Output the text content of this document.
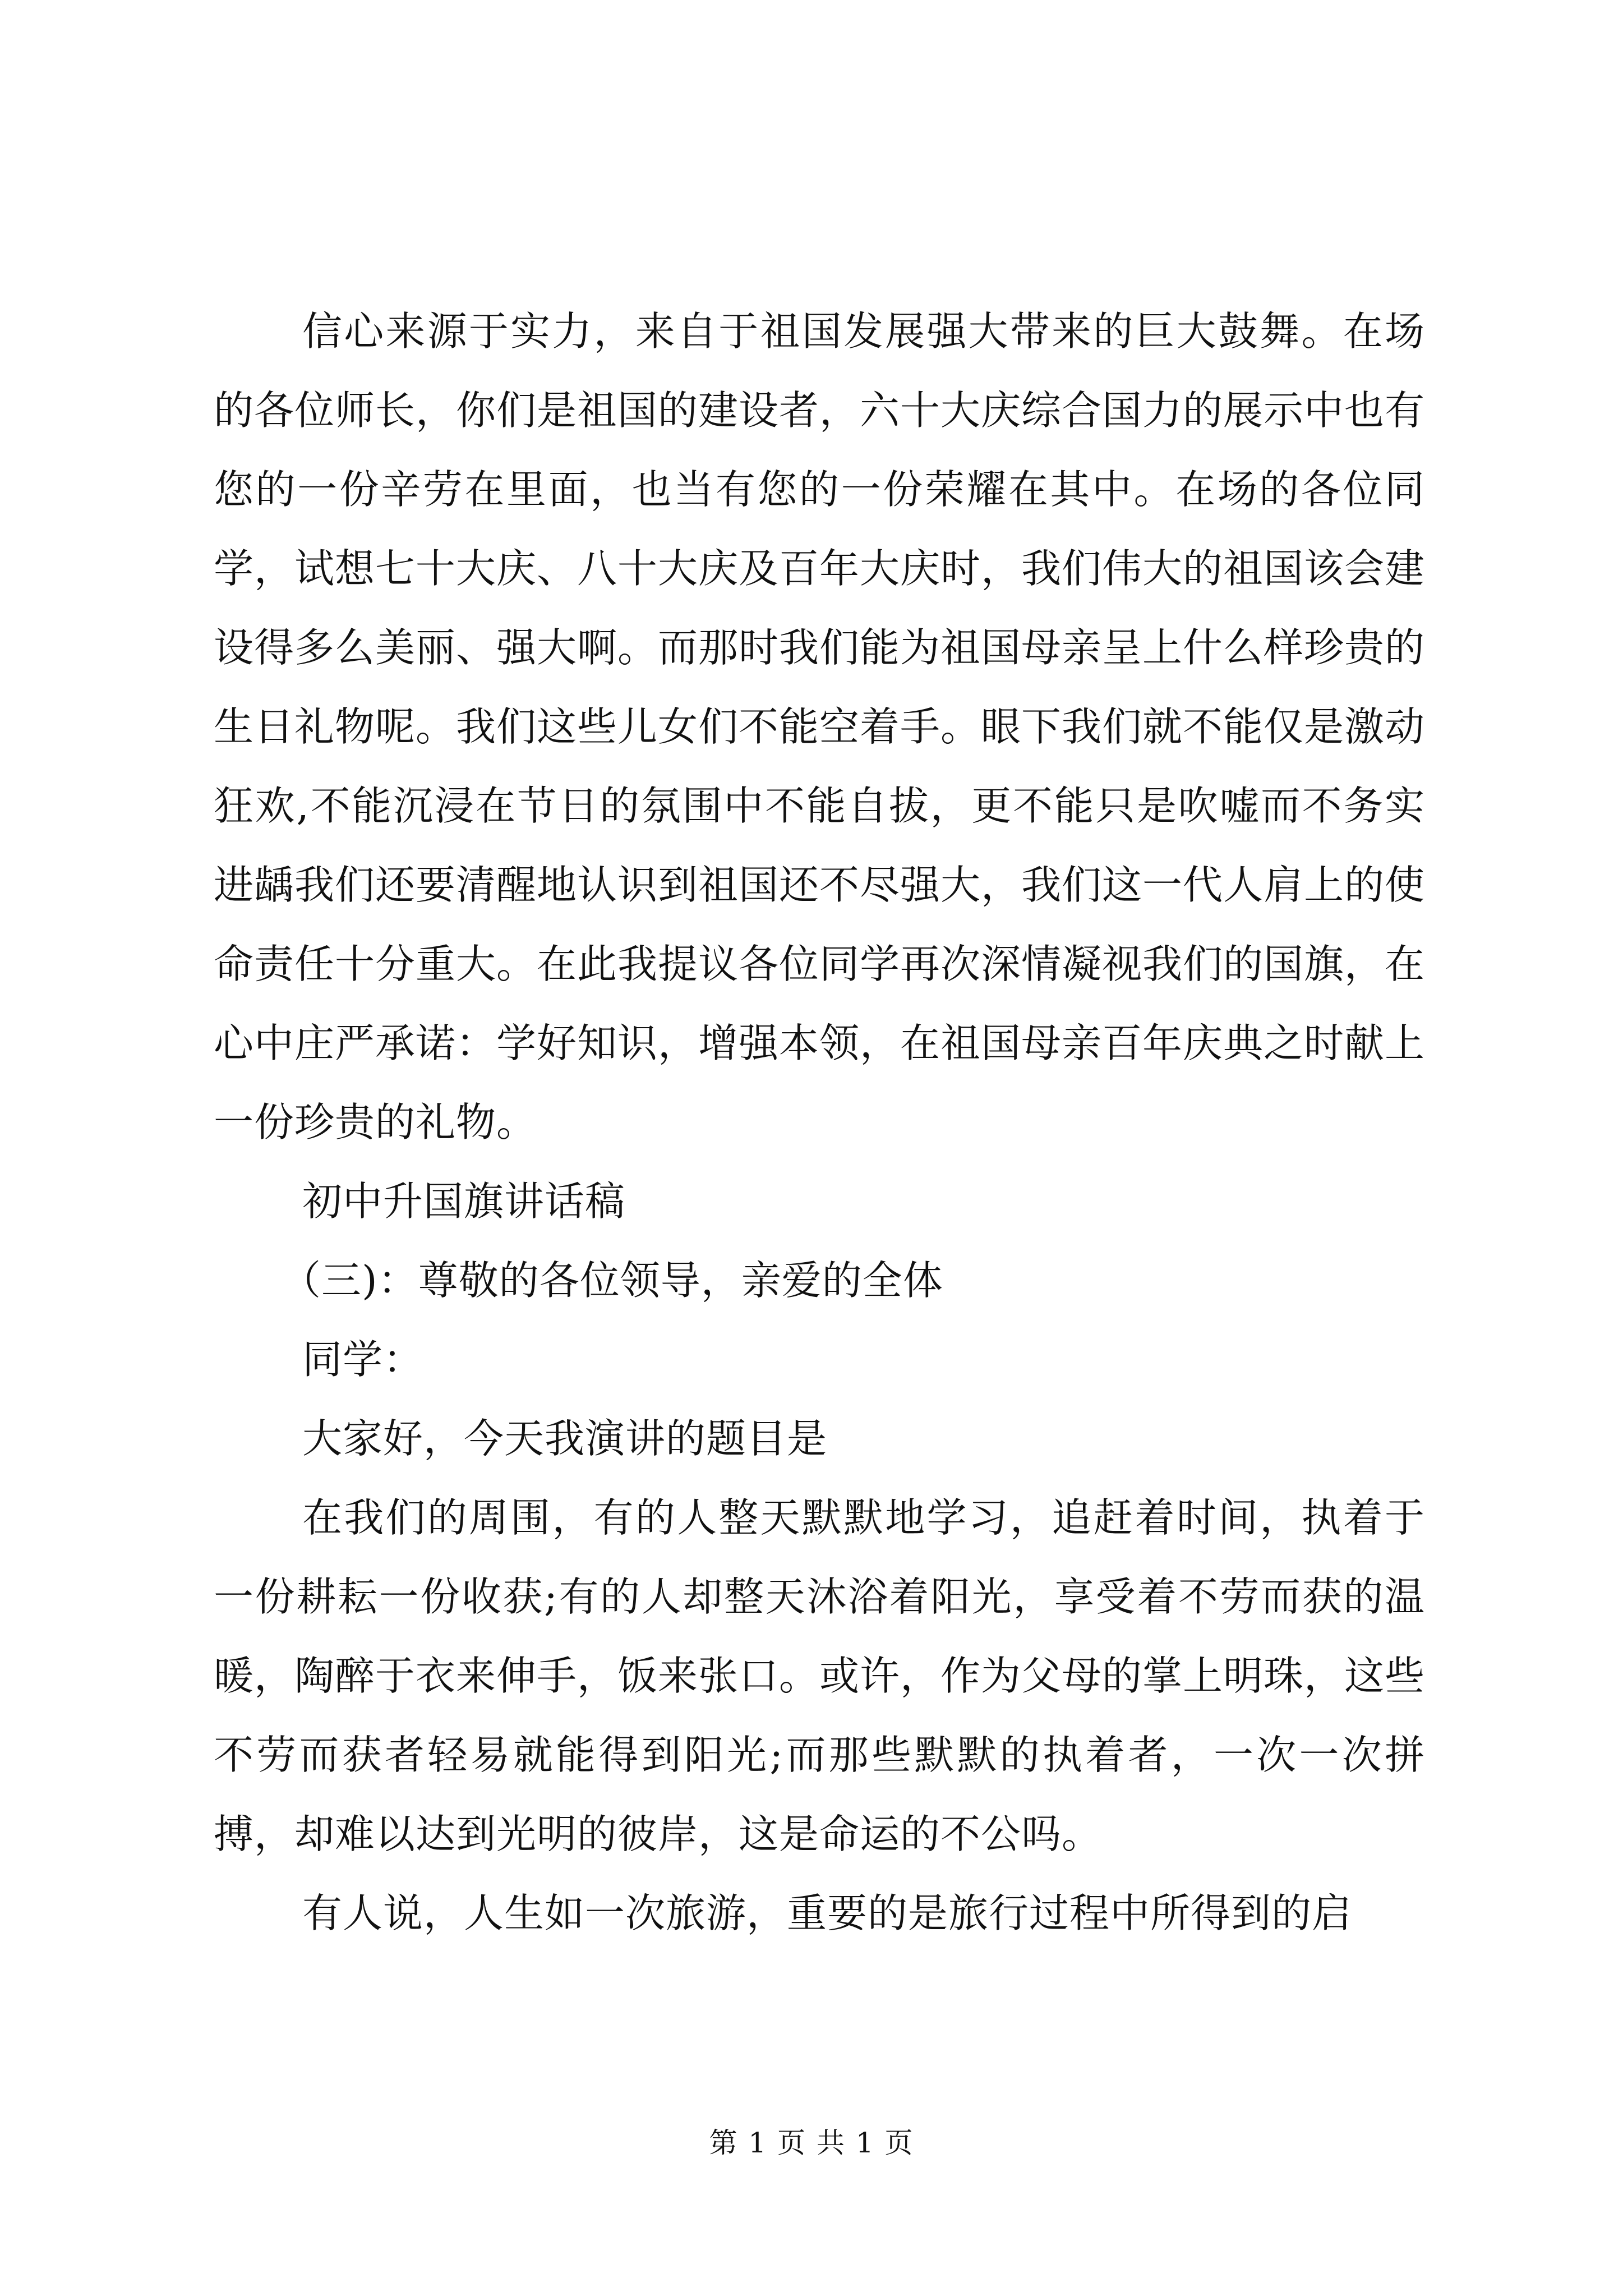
信心来源于实力，来自于祖国发展强大带来的巨大鼓舞。在场的各位师长，你们是祖国的建设者，六十大庆综合国力的展示中也有您的一份辛劳在里面，也当有您的一份荣耀在其中。在场的各位同学，试想七十大庆、八十大庆及百年大庆时，我们伟大的祖国该会建设得多么美丽、强大啊。而那时我们能为祖国母亲呈上什么样珍贵的生日礼物呢。我们这些儿女们不能空着手。眼下我们就不能仅是激动狂欢,不能沉浸在节日的氛围中不能自拔，更不能只是吹嘘而不务实进龋我们还要清醒地认识到祖国还不尽强大，我们这一代人肩上的使命责任十分重大。在此我提议各位同学再次深情凝视我们的国旗，在心中庄严承诺：学好知识，增强本领，在祖国母亲百年庆典之时献上一份珍贵的礼物。

初中升国旗讲话稿

（三)：尊敬的各位领导，亲爱的全体

同学：

大家好，今天我演讲的题目是

在我们的周围，有的人整天默默地学习，追赶着时间，执着于一份耕耘一份收获;有的人却整天沐浴着阳光，享受着不劳而获的温暖，陶醉于衣来伸手，饭来张口。或许，作为父母的掌上明珠，这些不劳而获者轻易就能得到阳光;而那些默默的执着者，一次一次拼搏，却难以达到光明的彼岸，这是命运的不公吗。

有人说，人生如一次旅游，重要的是旅行过程中所得到的启

第 1 页 共 1 页
